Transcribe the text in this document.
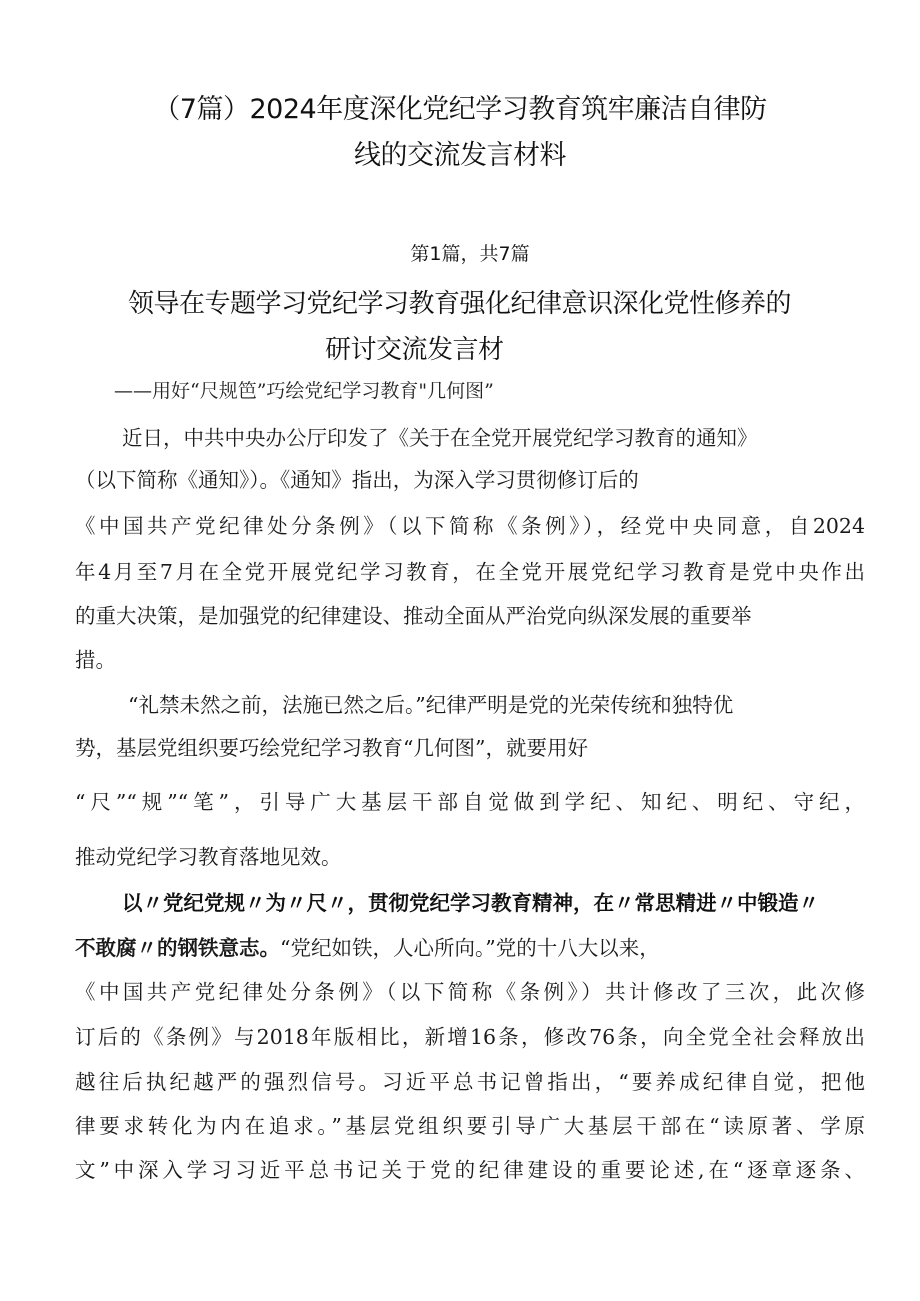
（7篇）2024年度深化党纪学习教育筑牢廉洁自律防
线的交流发言材料
第1篇，共7篇
领导在专题学习党纪学习教育强化纪律意识深化党性修养的
研讨交流发言材
——用好“尺规笆”巧绘党纪学习教育"几何图”
近日，中共中央办公厅印发了《关于在全党开展党纪学习教育的通知》
（以下简称《通知》）。《通知》指出，为深入学习贯彻修订后的
《中国共产党纪律处分条例》（以下简称《条例》），经党中央同意，自2024
年4月至7月在全党开展党纪学习教育，在全党开展党纪学习教育是党中央作出
的重大决策，是加强党的纪律建设、推动全面从严治党向纵深发展的重要举
措。
“礼禁未然之前，法施已然之后。”纪律严明是党的光荣传统和独特优
势，基层党组织要巧绘党纪学习教育“几何图”，就要用好
“尺”“规”“笔”，引导广大基层干部自觉做到学纪、知纪、明纪、守纪，
推动党纪学习教育落地见效。
以〃党纪党规〃为〃尺〃，贯彻党纪学习教育精神，在〃常思精进〃中锻造〃
不敢腐〃的钢铁意志。“党纪如铁，人心所向。”党的十八大以来，
《中国共产党纪律处分条例》（以下简称《条例》）共计修改了三次，此次修
订后的《条例》与2018年版相比，新增16条，修改76条，向全党全社会释放出
越往后执纪越严的强烈信号。习近平总书记曾指出，“要养成纪律自觉，把他
律要求转化为内在追求。”基层党组织要引导广大基层干部在“读原著、学原
文”中深入学习习近平总书记关于党的纪律建设的重要论述,在“逐章逐条、
